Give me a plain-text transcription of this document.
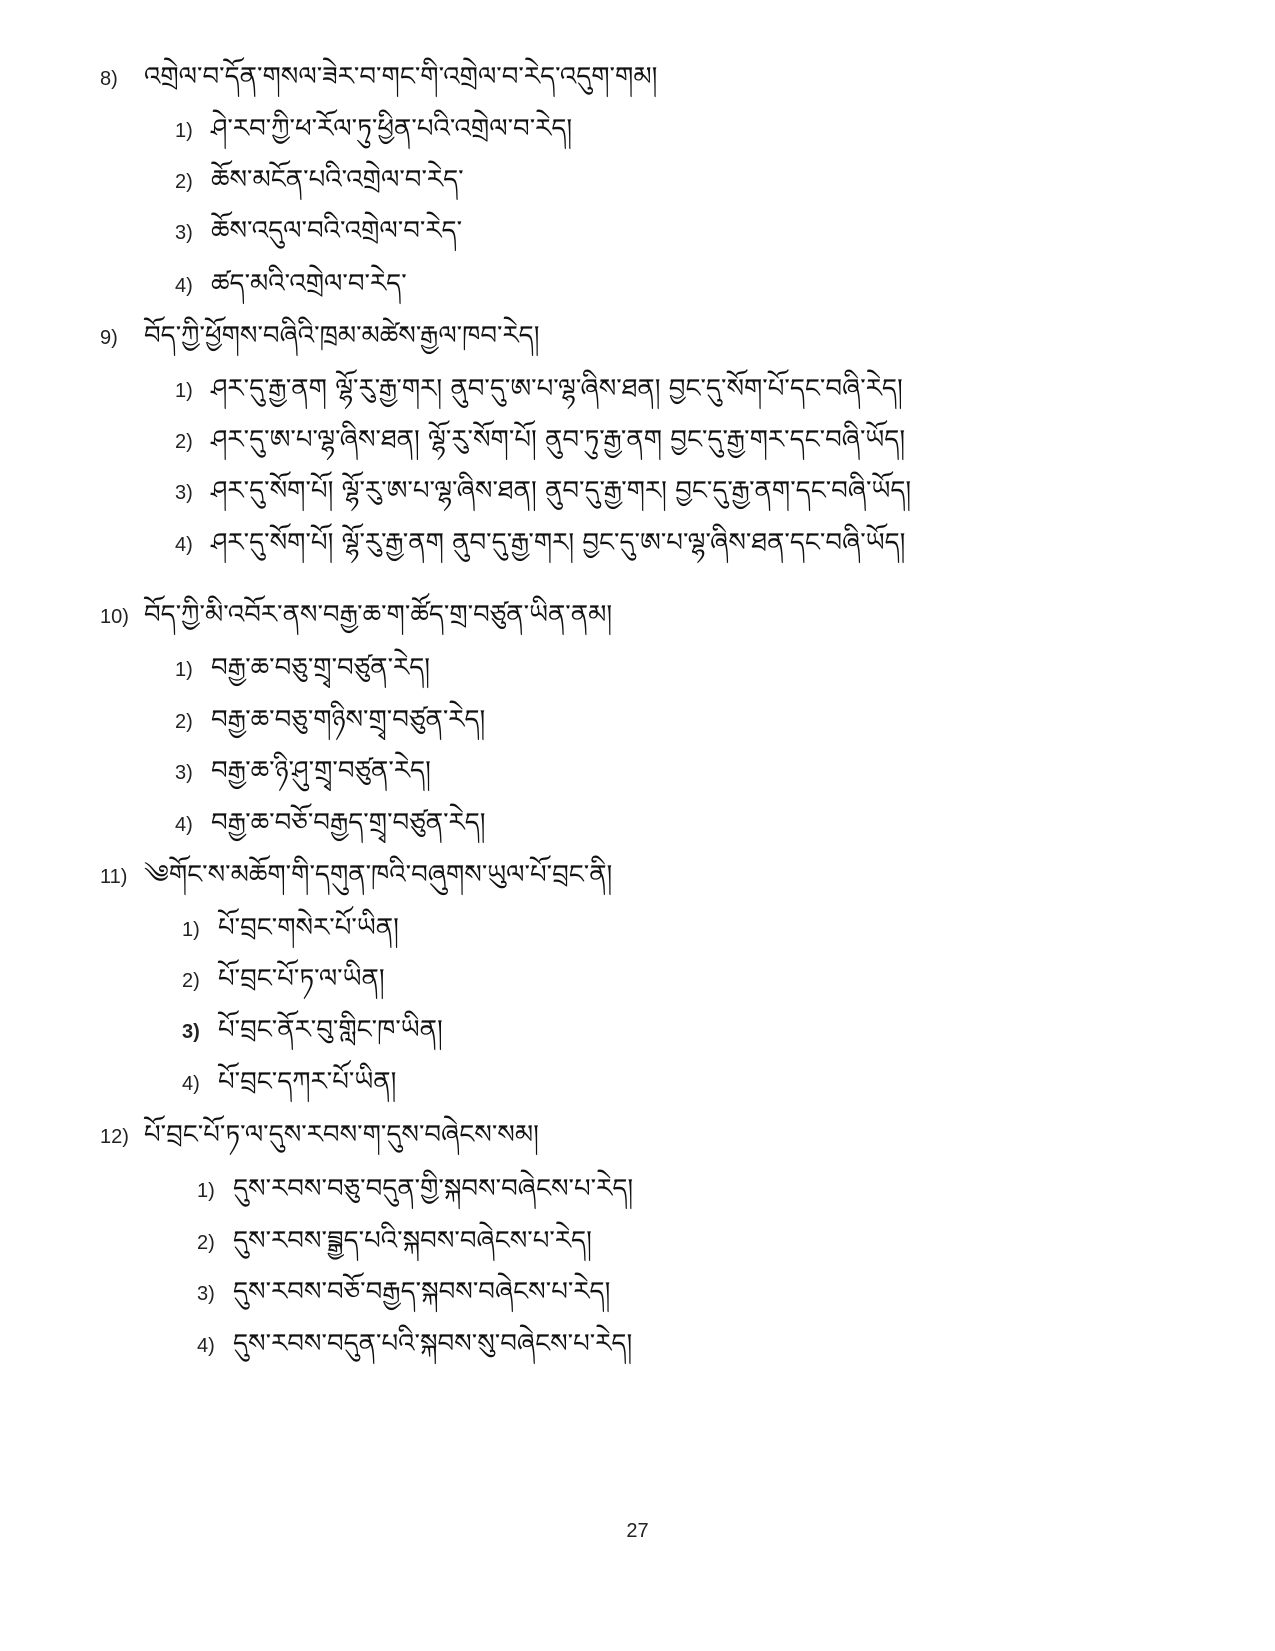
8)	འགྲེལ་བ་དོན་གསལ་ཟེར་བ་གང་གི་འགྲེལ་བ་རེད་འདུག་གམ།
1) ཤེ་རབ་ཀྱི་ཕ་རོལ་ཏུ་ཕྱིན་པའི་འགྲེལ་བ་རེད།
2) ཆོས་མངོན་པའི་འགྲེལ་བ་རེད་
3) ཆོས་འདུལ་བའི་འགྲེལ་བ་རེད་
4) ཚད་མའི་འགྲེལ་བ་རེད་
9)	བོད་ཀྱི་ཕྱོགས་བཞིའི་ཁྲམ་མཚེས་རྒྱལ་ཁབ་རེད།
1) ཤར་དུ་རྒྱ་ནག ལྷོ་རུ་རྒྱ་གར། ནུབ་དུ་ཨ་པ་ལྷ་ཞིས་ཐན། བྱང་དུ་སོག་པོ་དང་བཞི་རེད།
2) ཤར་དུ་ཨ་པ་ལྷ་ཞིས་ཐན། ལྷོ་རུ་སོག་པོ། ནུབ་ཏུ་རྒྱ་ནག བྱང་དུ་རྒྱ་གར་དང་བཞི་ཡོད།
3) ཤར་དུ་སོག་པོ། ལྷོ་རུ་ཨ་པ་ལྷ་ཞིས་ཐན། ནུབ་དུ་རྒྱ་གར། བྱང་དུ་རྒྱ་ནག་དང་བཞི་ཡོད།
4) ཤར་དུ་སོག་པོ། ལྷོ་རུ་རྒྱ་ནག ནུབ་དུ་རྒྱ་གར། བྱང་དུ་ཨ་པ་ལྷ་ཞིས་ཐན་དང་བཞི་ཡོད།
10) བོད་ཀྱི་མི་འབོར་ནས་བརྒྱ་ཆ་ག་ཚོད་གྲ་བཙུན་ཡིན་ནམ།
1) བརྒྱ་ཆ་བཅུ་གྲྭ་བཙུན་རེད།
2) བརྒྱ་ཆ་བཅུ་གཉིས་གྲྭ་བཙུན་རེད།
3) བརྒྱ་ཆ་ཉི་ཤུ་གྲྭ་བཙུན་རེད།
4) བརྒྱ་ཆ་བཅོ་བརྒྱད་གྲྭ་བཙུན་རེད།
11) ༄གོང་ས་མཆོག་གི་དགུན་ཁའི་བཞུགས་ཡུལ་པོ་བྲང་ནི།
1) པོ་བྲང་གསེར་པོ་ཡིན།
2) པོ་བྲང་པོ་ཏ་ལ་ཡིན།
3) པོ་བྲང་ནོར་བུ་གླིང་ཁ་ཡིན།
4) པོ་བྲང་དཀར་པོ་ཡིན།
12) པོ་བྲང་པོ་ཏ་ལ་དུས་རབས་ག་དུས་བཞེངས་སམ།
1) དུས་རབས་བཅུ་བདུན་གྱི་སྐབས་བཞེངས་པ་རེད།
2) དུས་རབས་བྲྒྱད་པའི་སྐབས་བཞེངས་པ་རེད།
3) དུས་རབས་བཅོ་བརྒྱད་སྐབས་བཞེངས་པ་རེད།
4) དུས་རབས་བདུན་པའི་སྐབས་སུ་བཞེངས་པ་རེད།
27
